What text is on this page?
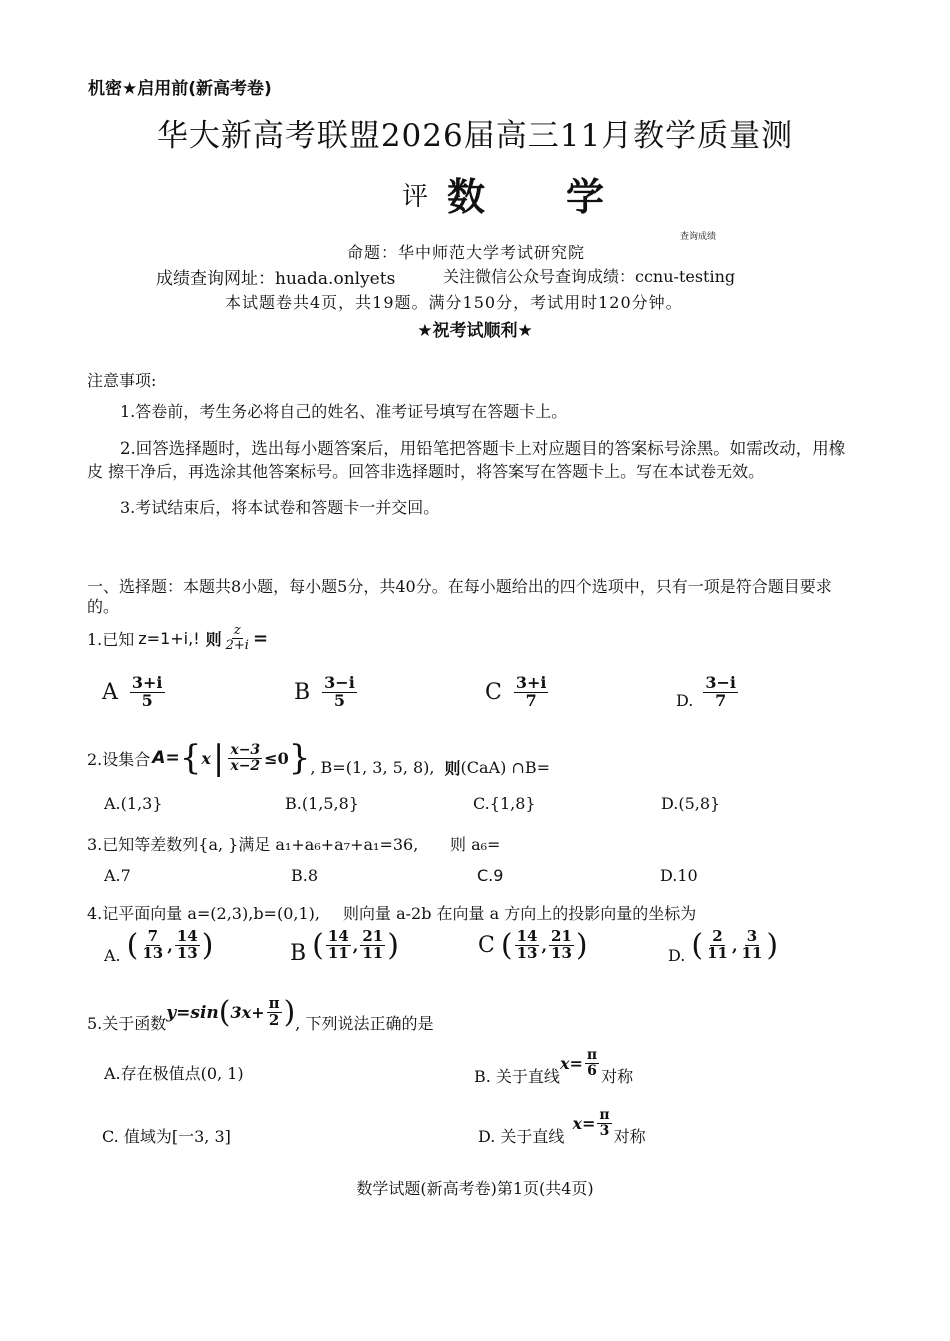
机密★启用前(新高考卷)
华大新高考联盟2026届高三11月教学质量测
评 数 学
查询成绩
命题：华中师范大学考试研究院
成绩查询网址：huada.onlyets	关注微信公众号查询成绩：ccnu-testing
本试题卷共4页，共19题。满分150分，考试用时120分钟。
★祝考试顺利★
注意事项:
1.答卷前，考生务必将自己的姓名、准考证号填写在答题卡上。
2.回答选择题时，选出每小题答案后，用铅笔把答题卡上对应题目的答案标号涂黑。如需改动，用橡
皮 擦干净后，再选涂其他答案标号。回答非选择题时，将答案写在答题卡上。写在本试卷无效。
3.考试结束后，将本试卷和答题卡一并交回。
一、选择题：本题共8小题，每小题5分，共40分。在每小题给出的四个选项中，只有一项是符合题目要求
的。
1.已知 z=1+i,! 则 $\frac{z}{2+i}$ =
A $\frac{3+i}{5}$	B $\frac{3-i}{5}$	C $\frac{3+i}{7}$	D. $\frac{3-i}{7}$
2.设集合 A= { x | $\frac{x-3}{x-2} \le 0$ } , B=(1, 3, 5, 8), 则 (CaA) ∩B=
A.(1,3}	B.(1,5,8}	C.{1,8}	D.(5,8}
3.已知等差数列{a, }满足 a₁+a₆+a₇+a₁=36, 则 a₆=
A.7	B.8	C.9	D.10
4.记平面向量 a=(2,3),b=(0,1), 则向量 a-2b 在向量 a 方向上的投影向量的坐标为
A. ( $\frac{7}{13}$ , $\frac{14}{13}$ )	B ( $\frac{14}{11}$ , $\frac{21}{11}$ )	C ( $\frac{14}{13}$ , $\frac{21}{13}$ )	D. ( $\frac{2}{11}$ , $\frac{3}{11}$ )
5.关于函数
y=sin ( $3x+ \frac{\pi}{2}$ ) , 下列说法正确的是
A.存在极值点(0, 1)	B. 关于直线
$x= \frac{\pi}{6}$ 对称
C. 值域为[一3, 3]	D. 关于直线
$x= \frac{\pi}{3}$ 对称
数学试题(新高考卷)第1页(共4页)
